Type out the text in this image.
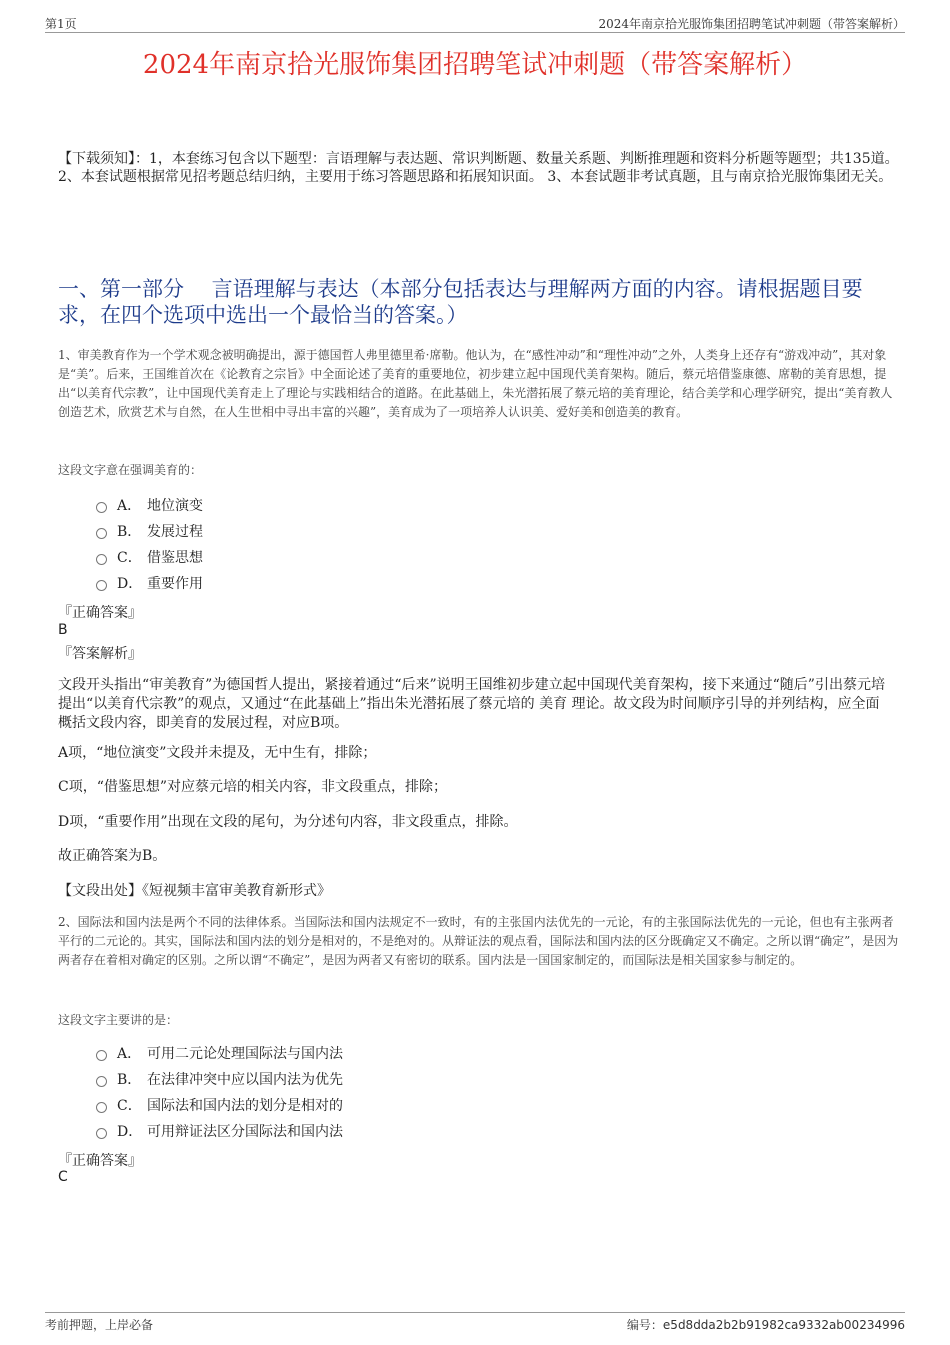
第1页	2024年南京拾光服饰集团招聘笔试冲刺题（带答案解析）
2024年南京拾光服饰集团招聘笔试冲刺题（带答案解析）
【下载须知】：1，本套练习包含以下题型：言语理解与表达题、常识判断题、数量关系题、判断推理题和资料分析题等题型；共135道。 2、本套试题根据常见招考题总结归纳，主要用于练习答题思路和拓展知识面。 3、本套试题非考试真题，且与南京拾光服饰集团无关。
一、第一部分　 言语理解与表达（本部分包括表达与理解两方面的内容。请根据题目要求，在四个选项中选出一个最恰当的答案。）
1、审美教育作为一个学术观念被明确提出，源于德国哲人弗里德里希·席勒。他认为，在“感性冲动”和“理性冲动”之外，人类身上还存有“游戏冲动”，其对象是“美”。后来，王国维首次在《论教育之宗旨》中全面论述了美育的重要地位，初步建立起中国现代美育架构。随后，蔡元培借鉴康德、席勒的美育思想，提出“以美育代宗教”，让中国现代美育走上了理论与实践相结合的道路。在此基础上，朱光潜拓展了蔡元培的美育理论，结合美学和心理学研究，提出“美育教人创造艺术，欣赏艺术与自然，在人生世相中寻出丰富的兴趣”，美育成为了一项培养人认识美、爱好美和创造美的教育。
这段文字意在强调美育的：
A． 地位演变
B． 发展过程
C． 借鉴思想
D． 重要作用
『正确答案』
B
『答案解析』
文段开头指出“审美教育”为德国哲人提出，紧接着通过“后来”说明王国维初步建立起中国现代美育架构，接下来通过“随后”引出蔡元培提出“以美育代宗教”的观点，又通过“在此基础上”指出朱光潜拓展了蔡元培的 美育 理论。故文段为时间顺序引导的并列结构，应全面概括文段内容，即美育的发展过程，对应B项。
A项，“地位演变”文段并未提及，无中生有，排除；
C项，“借鉴思想”对应蔡元培的相关内容，非文段重点，排除；
D项，“重要作用”出现在文段的尾句，为分述句内容，非文段重点，排除。
故正确答案为B。
【文段出处】《短视频丰富审美教育新形式》
2、国际法和国内法是两个不同的法律体系。当国际法和国内法规定不一致时，有的主张国内法优先的一元论，有的主张国际法优先的一元论，但也有主张两者平行的二元论的。其实，国际法和国内法的划分是相对的，不是绝对的。从辩证法的观点看，国际法和国内法的区分既确定又不确定。之所以谓“确定”，是因为两者存在着相对确定的区别。之所以谓“不确定”，是因为两者又有密切的联系。国内法是一国国家制定的，而国际法是相关国家参与制定的。
这段文字主要讲的是：
A． 可用二元论处理国际法与国内法
B． 在法律冲突中应以国内法为优先
C． 国际法和国内法的划分是相对的
D． 可用辩证法区分国际法和国内法
『正确答案』
C
考前押题，上岸必备	编号：e5d8dda2b2b91982ca9332ab00234996
